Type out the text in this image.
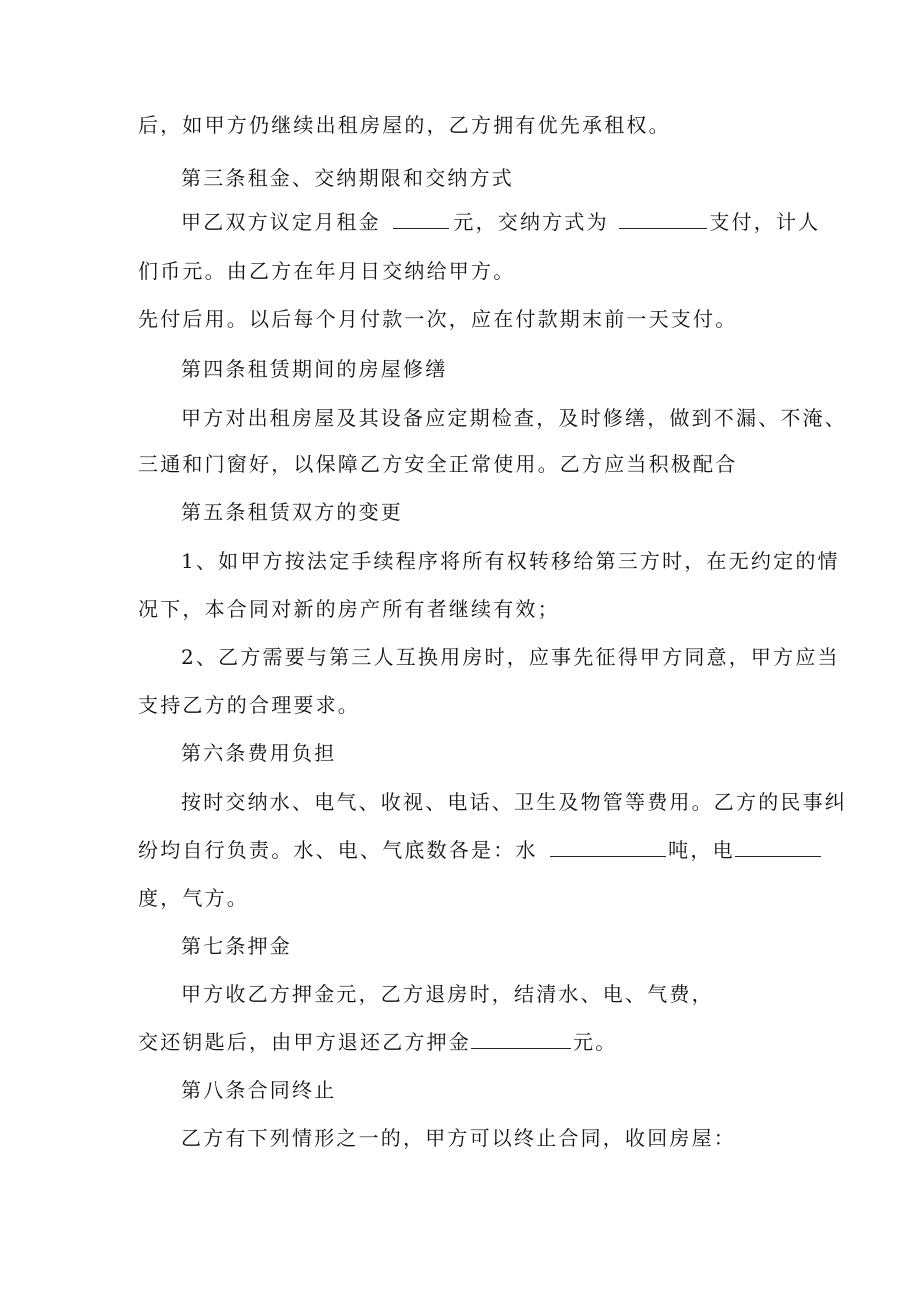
后，如甲方仍继续出租房屋的，乙方拥有优先承租权。
第三条租金、交纳期限和交纳方式
甲乙双方议定月租金	元，交纳方式为	支付，计人
们币元。由乙方在年月日交纳给甲方。
先付后用。以后每个月付款一次，应在付款期末前一天支付。
第四条租赁期间的房屋修缮
甲方对出租房屋及其设备应定期检查，及时修缮，做到不漏、不淹、
三通和门窗好，以保障乙方安全正常使用。乙方应当积极配合
第五条租赁双方的变更
1、如甲方按法定手续程序将所有权转移给第三方时，在无约定的情
况下，本合同对新的房产所有者继续有效；
2、乙方需要与第三人互换用房时，应事先征得甲方同意，甲方应当
支持乙方的合理要求。
第六条费用负担
按时交纳水、电气、收视、电话、卫生及物管等费用。乙方的民事纠
纷均自行负责。水、电、气底数各是：水	吨，电
度，气方。
第七条押金
甲方收乙方押金元，乙方退房时，结清水、电、气费，
交还钥匙后，由甲方退还乙方押金	元。
第八条合同终止
乙方有下列情形之一的，甲方可以终止合同，收回房屋：
